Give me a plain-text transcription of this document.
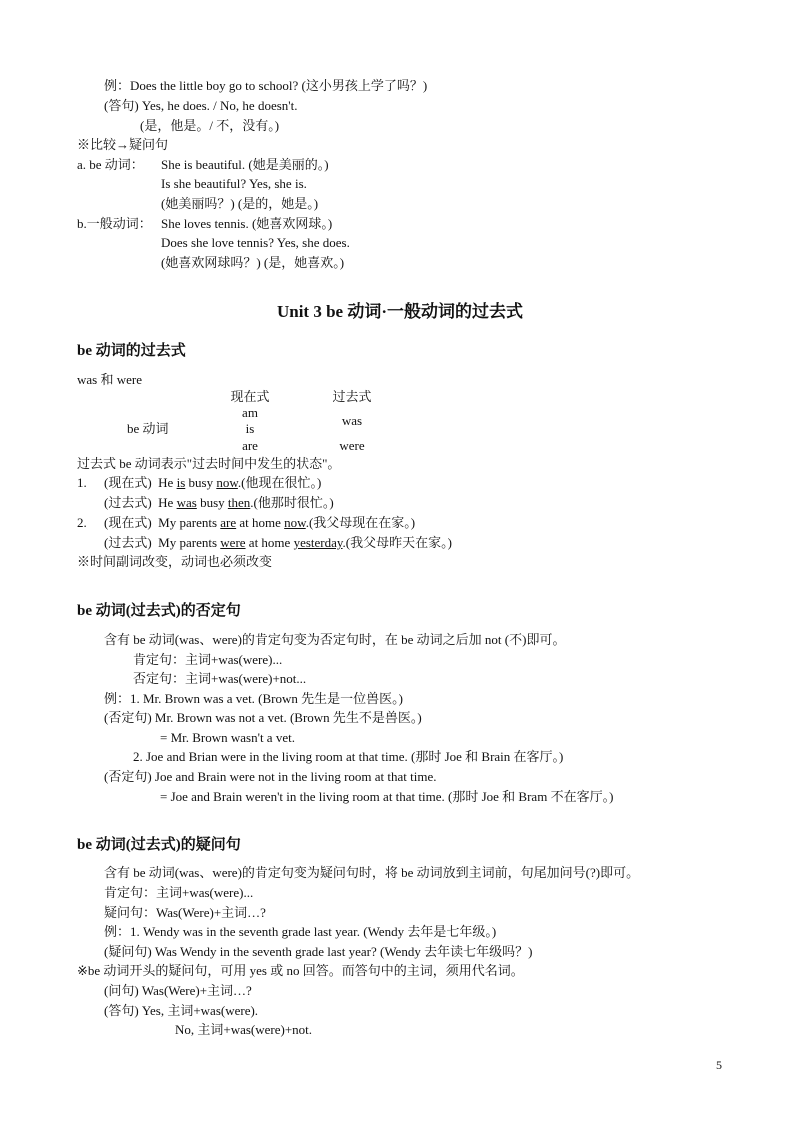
例：Does the little boy go to school? (这小男孩上学了吗？)
(答句) Yes, he does. / No, he doesn't.
(是，他是。/ 不，没有。)
※比较→疑问句
a. be 动词： She is beautiful. (她是美丽的。)
Is she beautiful? Yes, she is.
(她美丽吗？) (是的，她是。)
b.一般动词： She loves tennis. (她喜欢网球。)
Does she love tennis? Yes, she does.
(她喜欢网球吗？) (是，她喜欢。)
Unit 3 be 动词·一般动词的过去式
be 动词的过去式
was 和 were
现在式	过去式
be 动词
am
is
are
was
were
过去式 be 动词表示"过去时间中发生的状态"。
1. (现在式) He is busy now.(他现在很忙。)
(过去式) He was busy then.(他那时很忙。)
2. (现在式) My parents are at home now.(我父母现在在家。)
(过去式) My parents were at home yesterday.(我父母昨天在家。)
※时间副词改变，动词也必须改变
be 动词(过去式)的否定句
含有 be 动词(was、were)的肯定句变为否定句时，在 be 动词之后加 not (不)即可。
肯定句：主词+was(were)...
否定句：主词+was(were)+not...
例：1. Mr. Brown was a vet. (Brown 先生是一位兽医。)
(否定句) Mr. Brown was not a vet. (Brown 先生不是兽医。)
= Mr. Brown wasn't a vet.
2. Joe and Brian were in the living room at that time. (那时 Joe 和 Brain 在客厅。)
(否定句) Joe and Brain were not in the living room at that time.
= Joe and Brain weren't in the living room at that time. (那时 Joe 和 Bram 不在客厅。)
be 动词(过去式)的疑问句
含有 be 动词(was、were)的肯定句变为疑问句时，将 be 动词放到主词前，句尾加问号(?)即可。
肯定句：主词+was(were)...
疑问句：Was(Were)+主词…?
例：1. Wendy was in the seventh grade last year. (Wendy 去年是七年级。)
(疑问句) Was Wendy in the seventh grade last year? (Wendy 去年读七年级吗？)
※be 动词开头的疑问句，可用 yes 或 no 回答。而答句中的主词，须用代名词。
(问句) Was(Were)+主词…?
(答句) Yes, 主词+was(were).
No, 主词+was(were)+not.
5
